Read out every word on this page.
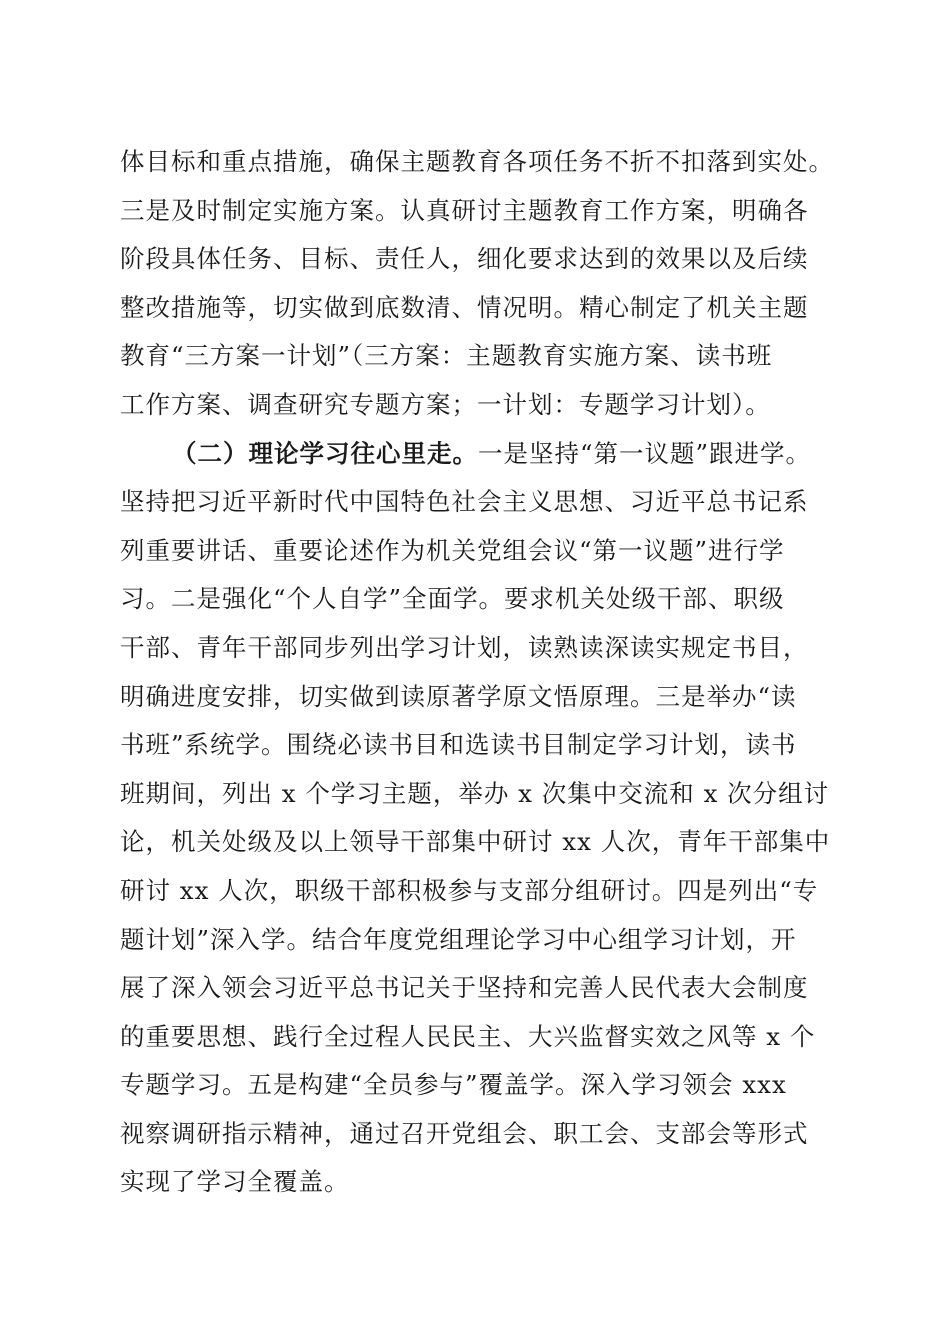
体目标和重点措施，确保主题教育各项任务不折不扣落到实处。
三是及时制定实施方案。认真研讨主题教育工作方案，明确各
阶段具体任务、目标、责任人，细化要求达到的效果以及后续
整改措施等，切实做到底数清、情况明。精心制定了机关主题
教育“三方案一计划”（三方案：主题教育实施方案、读书班
工作方案、调查研究专题方案；一计划：专题学习计划）。
（二）理论学习往心里走。一是坚持“第一议题”跟进学。
坚持把习近平新时代中国特色社会主义思想、习近平总书记系
列重要讲话、重要论述作为机关党组会议“第一议题”进行学
习。二是强化“个人自学”全面学。要求机关处级干部、职级
干部、青年干部同步列出学习计划，读熟读深读实规定书目，
明确进度安排，切实做到读原著学原文悟原理。三是举办“读
书班”系统学。围绕必读书目和选读书目制定学习计划，读书
班期间，列出 x 个学习主题，举办 x 次集中交流和 x 次分组讨
论，机关处级及以上领导干部集中研讨 xx 人次，青年干部集中
研讨 xx 人次，职级干部积极参与支部分组研讨。四是列出“专
题计划”深入学。结合年度党组理论学习中心组学习计划，开
展了深入领会习近平总书记关于坚持和完善人民代表大会制度
的重要思想、践行全过程人民民主、大兴监督实效之风等 x 个
专题学习。五是构建“全员参与”覆盖学。深入学习领会 xxx
视察调研指示精神，通过召开党组会、职工会、支部会等形式
实现了学习全覆盖。
